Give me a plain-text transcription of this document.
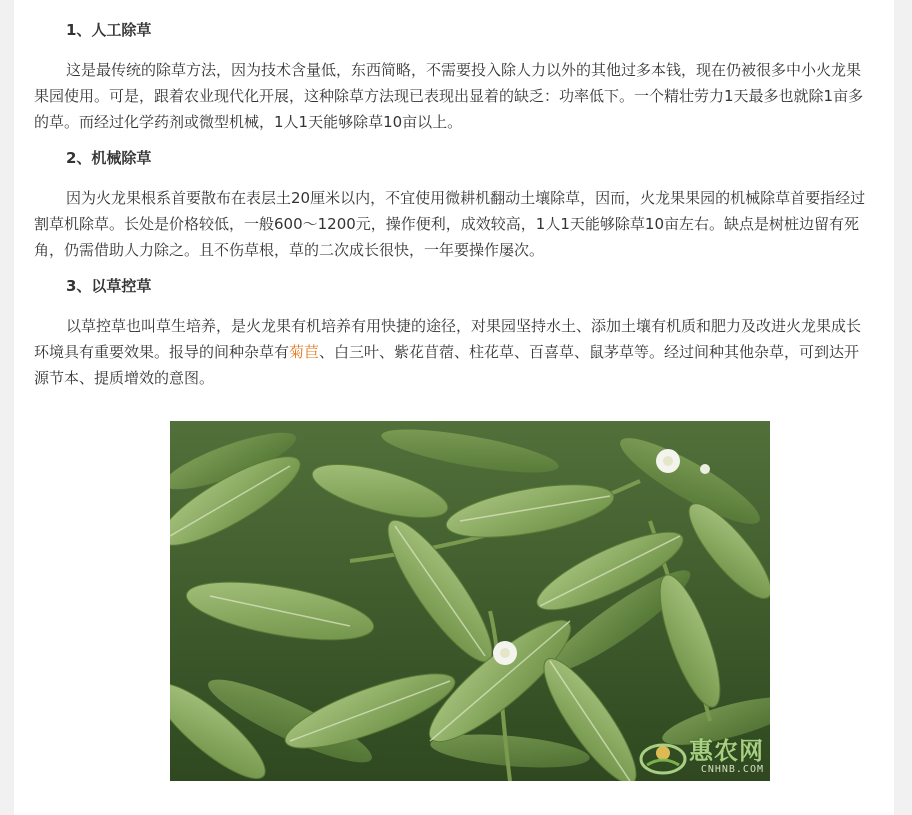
1、人工除草

这是最传统的除草方法，因为技术含量低，东西简略，不需要投入除人力以外的其他过多本钱，现在仍被很多中小火龙果果园使用。可是，跟着农业现代化开展，这种除草方法现已表现出显着的缺乏：功率低下。一个精壮劳力1天最多也就除1亩多的草。而经过化学药剂或微型机械，1人1天能够除草10亩以上。

2、机械除草

因为火龙果根系首要散布在表层土20厘米以内，不宜使用微耕机翻动土壤除草，因而，火龙果果园的机械除草首要指经过割草机除草。长处是价格较低，一般600～1200元，操作便利，成效较高，1人1天能够除草10亩左右。缺点是树桩边留有死角，仍需借助人力除之。且不伤草根，草的二次成长很快，一年要操作屡次。

3、以草控草

以草控草也叫草生培养，是火龙果有机培养有用快捷的途径，对果园坚持水土、添加土壤有机质和肥力及改进火龙果成长环境具有重要效果。报导的间种杂草有菊苣、白三叶、紫花苜蓿、柱花草、百喜草、鼠茅草等。经过间种其他杂草，可到达开源节本、提质增效的意图。

惠农网
CNHNB.COM
